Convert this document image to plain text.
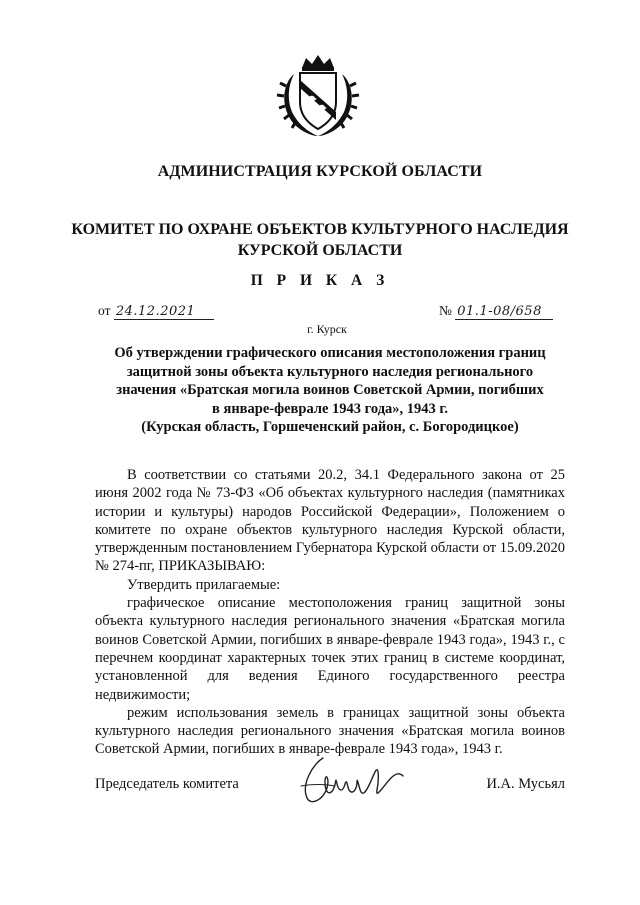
АДМИНИСТРАЦИЯ КУРСКОЙ ОБЛАСТИ
КОМИТЕТ ПО ОХРАНЕ ОБЪЕКТОВ КУЛЬТУРНОГО НАСЛЕДИЯ
КУРСКОЙ ОБЛАСТИ
П Р И К А З
от 24.12.2021	№ 01.1-08/658
г. Курск
Об утверждении графического описания местоположения границ
защитной зоны объекта культурного наследия регионального
значения «Братская могила воинов Советской Армии, погибших
в январе-феврале 1943 года», 1943 г.
(Курская область, Горшеченский район, с. Богородицкое)

В соответствии со статьями 20.2, 34.1 Федерального закона от 25 июня 2002 года № 73-ФЗ «Об объектах культурного наследия (памятниках истории и культуры) народов Российской Федерации», Положением о комитете по охране объектов культурного наследия Курской области, утвержденным постановлением Губернатора Курской области от 15.09.2020 № 274-пг, ПРИКАЗЫВАЮ:

Утвердить прилагаемые:

графическое описание местоположения границ защитной зоны объекта культурного наследия регионального значения «Братская могила воинов Советской Армии, погибших в январе-феврале 1943 года», 1943 г., с перечнем координат характерных точек этих границ в системе координат, установленной для ведения Единого государственного реестра недвижимости;

режим использования земель в границах защитной зоны объекта культурного наследия регионального значения «Братская могила воинов Советской Армии, погибших в январе-феврале 1943 года», 1943 г.

Председатель комитета	И.А. Мусьял
